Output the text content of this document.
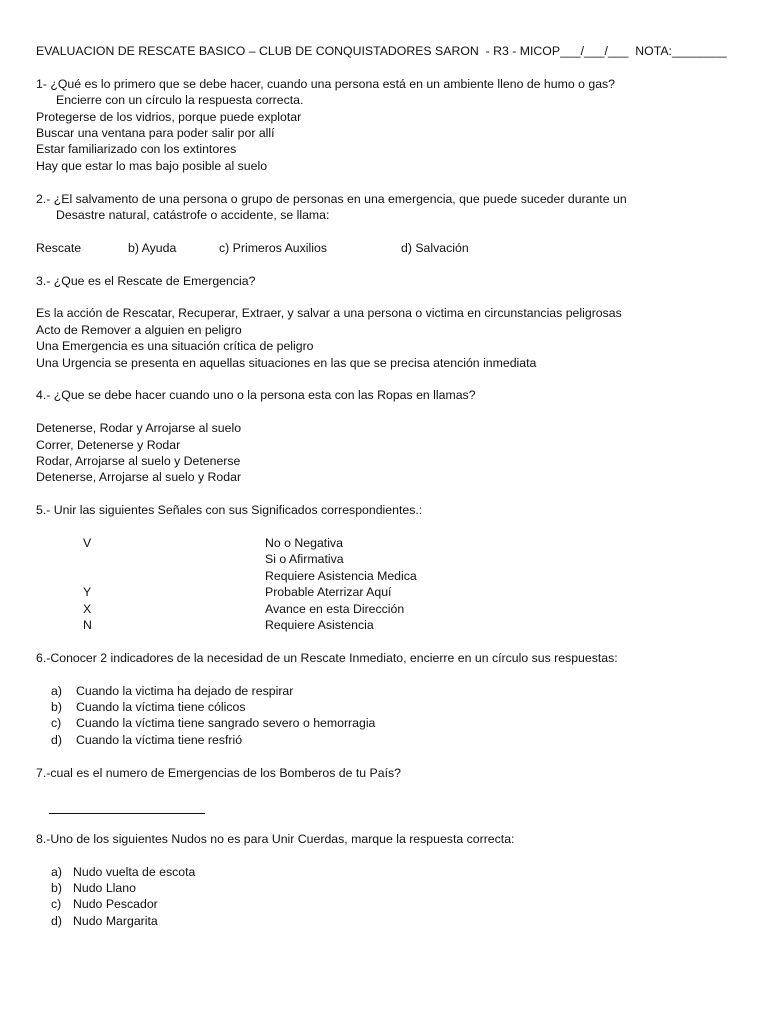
EVALUACION DE RESCATE BASICO – CLUB DE CONQUISTADORES SARON  - R3 - MICOP___/___/___  NOTA:________
1- ¿Qué es lo primero que se debe hacer, cuando una persona está en un ambiente lleno de humo o gas?
Encierre con un círculo la respuesta correcta.
Protegerse de los vidrios, porque puede explotar
Buscar una ventana para poder salir por allí
Estar familiarizado con los extintores
Hay que estar lo mas bajo posible al suelo
2.- ¿El salvamento de una persona o grupo de personas en una emergencia, que puede suceder durante un
Desastre natural, catástrofe o accidente, se llama:
Rescate	b) Ayuda	c) Primeros Auxilios	d) Salvación
3.- ¿Que es el Rescate de Emergencia?
Es la acción de Rescatar, Recuperar, Extraer, y salvar a una persona o victima en circunstancias peligrosas
Acto de Remover a alguien en peligro
Una Emergencia es una situación crítica de peligro
Una Urgencia se presenta en aquellas situaciones en las que se precisa atención inmediata
4.- ¿Que se debe hacer cuando uno o la persona esta con las Ropas en llamas?
Detenerse, Rodar y Arrojarse al suelo
Correr, Detenerse y Rodar
Rodar, Arrojarse al suelo y Detenerse
Detenerse, Arrojarse al suelo y Rodar
5.- Unir las siguientes Señales con sus Significados correspondientes.:
V	No o Negativa
Si o Afirmativa
Requiere Asistencia Medica
Y	Probable Aterrizar Aquí
X	Avance en esta Dirección
N	Requiere Asistencia
6.-Conocer 2 indicadores de la necesidad de un Rescate Inmediato, encierre en un círculo sus respuestas:
a)	Cuando la victima ha dejado de respirar
b)	Cuando la víctima tiene cólicos
c)	Cuando la víctima tiene sangrado severo o hemorragia
d)	Cuando la víctima tiene resfrió
7.-cual es el numero de Emergencias de los Bomberos de tu País?
8.-Uno de los siguientes Nudos no es para Unir Cuerdas, marque la respuesta correcta:
a) Nudo vuelta de escota
b) Nudo Llano
c) Nudo Pescador
d) Nudo Margarita
